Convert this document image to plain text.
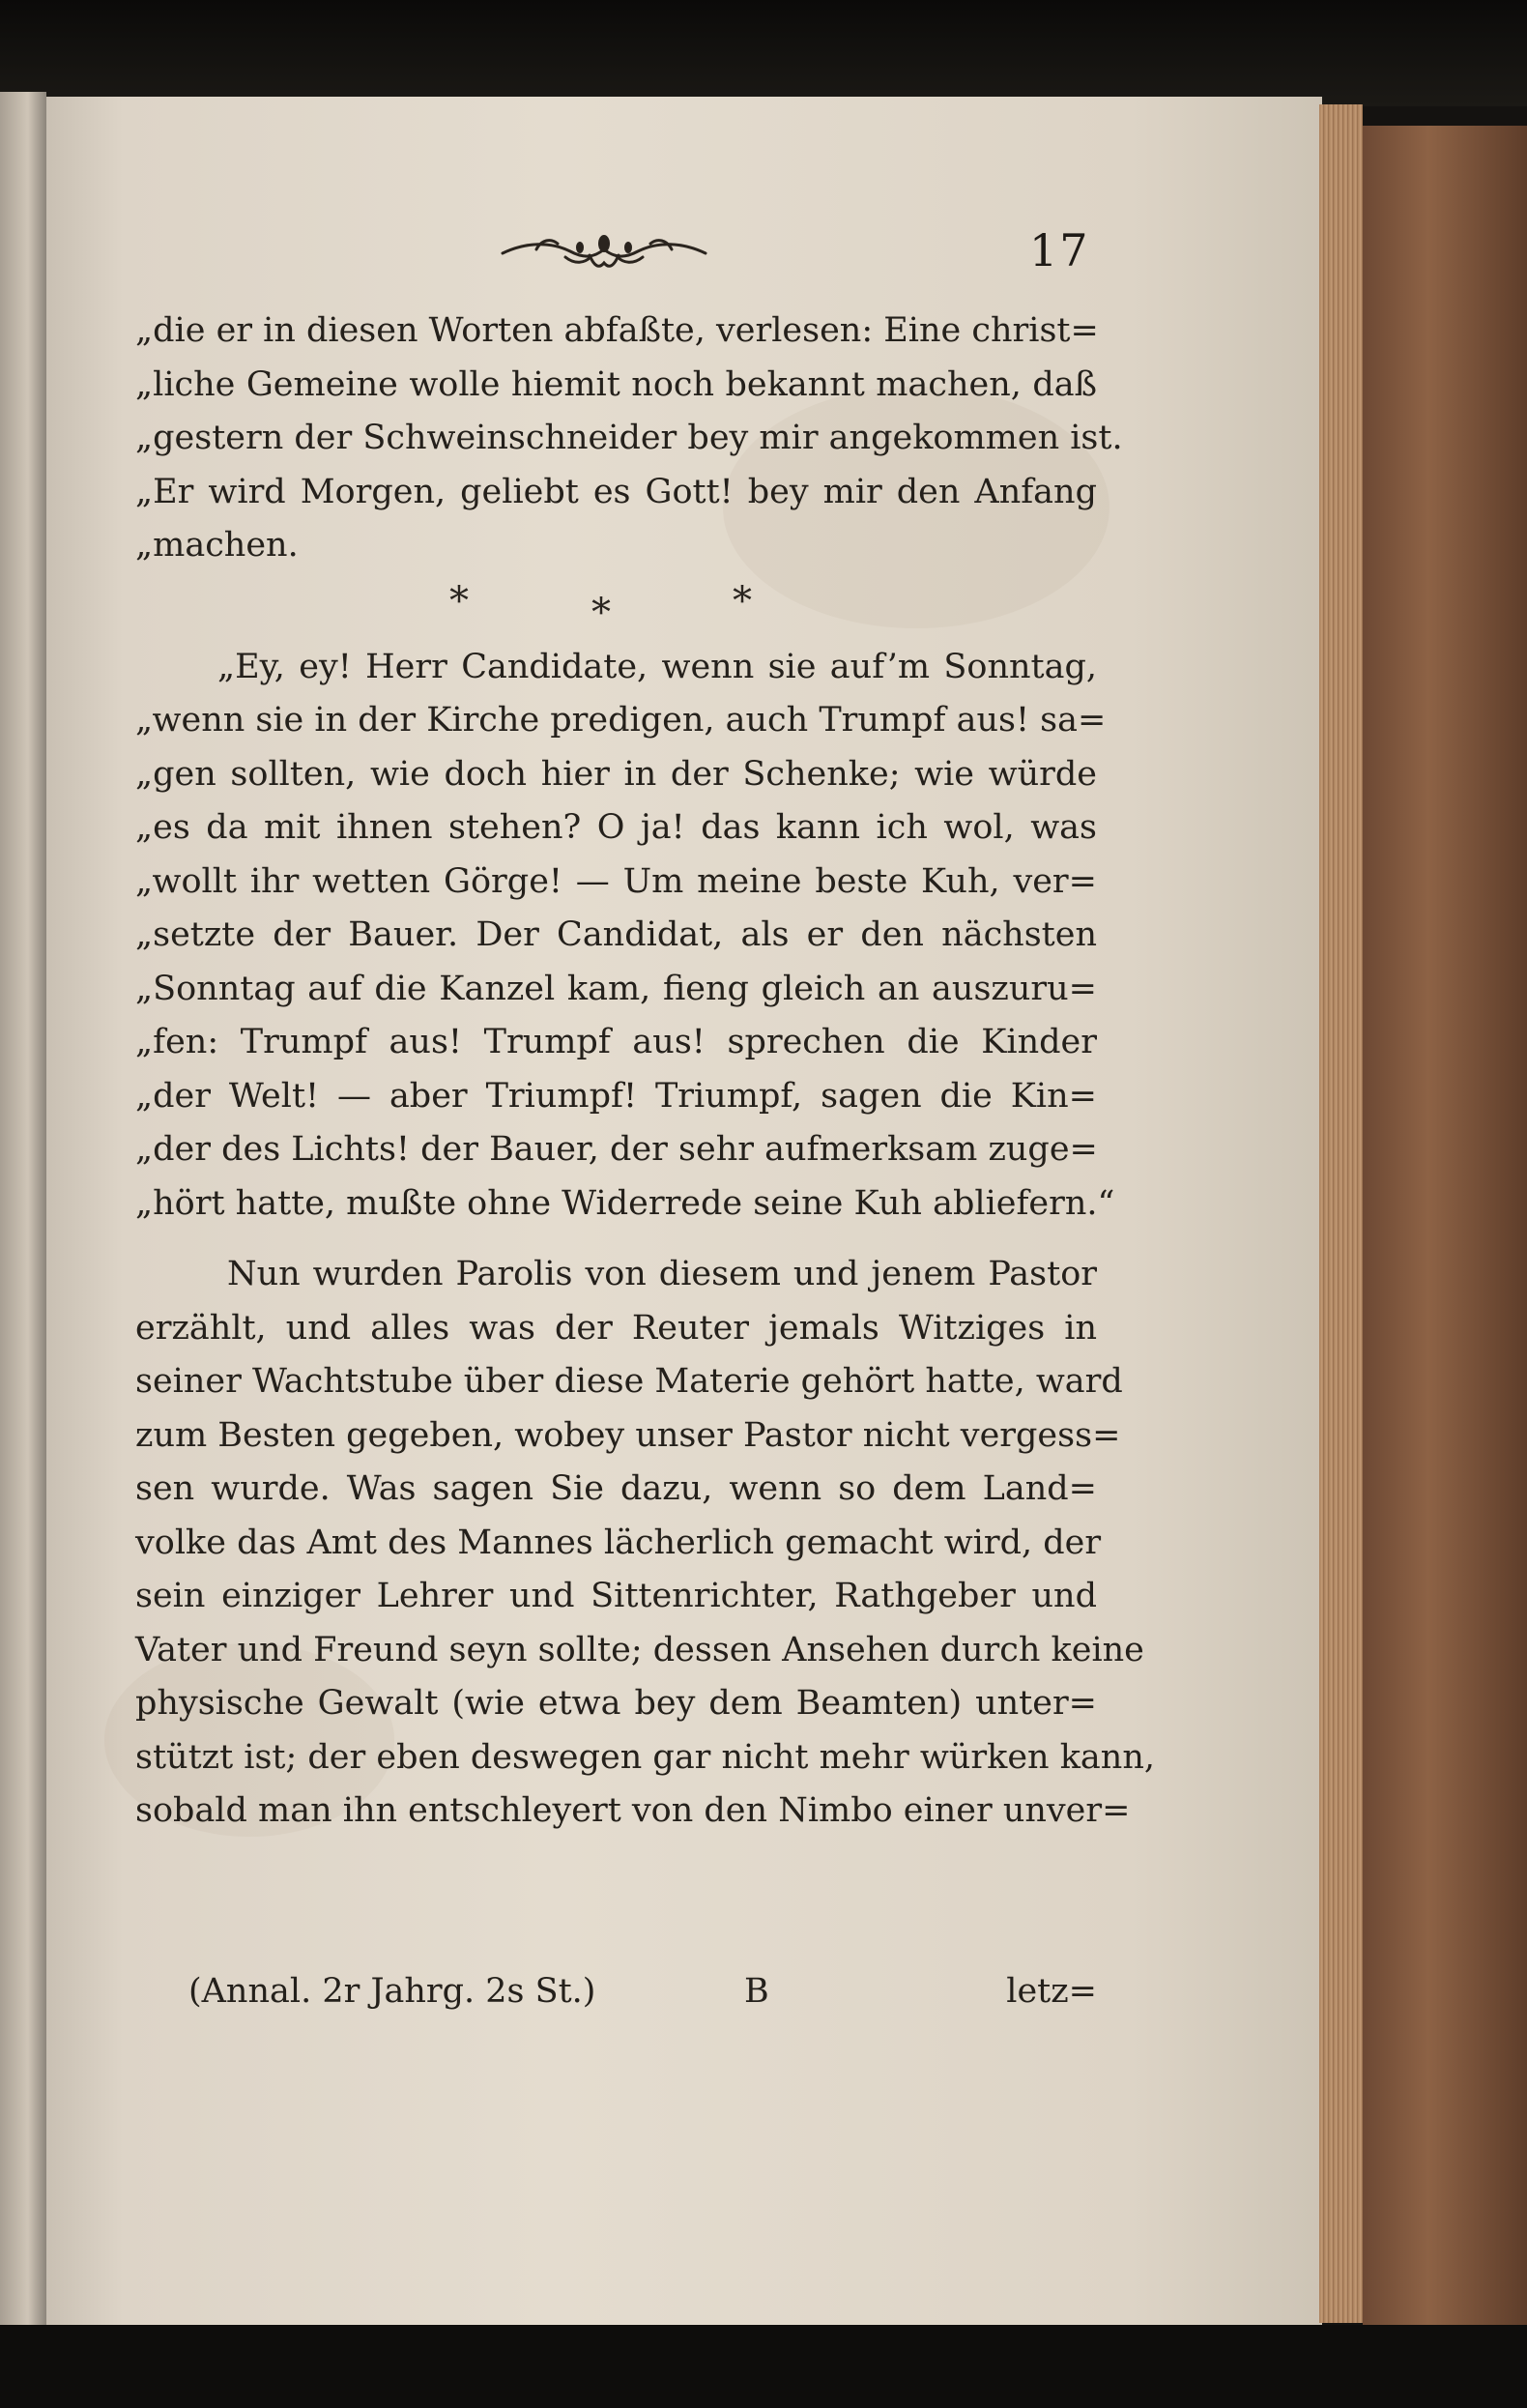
17
„die er in diesen Worten abfaßte, verlesen: Eine christ=
„liche Gemeine wolle hiemit noch bekannt machen, daß
„gestern der Schweinschneider bey mir angekommen ist.
„Er wird Morgen, geliebt es Gott! bey mir den Anfang
„machen.
*	*	*
„Ey, ey! Herr Candidate, wenn sie auf’m Sonntag,
„wenn sie in der Kirche predigen, auch Trumpf aus! sa=
„gen sollten, wie doch hier in der Schenke; wie würde
„es da mit ihnen stehen? O ja! das kann ich wol, was
„wollt ihr wetten Görge! — Um meine beste Kuh, ver=
„setzte der Bauer. Der Candidat, als er den nächsten
„Sonntag auf die Kanzel kam, fieng gleich an auszuru=
„fen: Trumpf aus! Trumpf aus! sprechen die Kinder
„der Welt! — aber Triumpf! Triumpf, sagen die Kin=
„der des Lichts! der Bauer, der sehr aufmerksam zuge=
„hört hatte, mußte ohne Widerrede seine Kuh abliefern.“
Nun wurden Parolis von diesem und jenem Pastor
erzählt, und alles was der Reuter jemals Witziges in
seiner Wachtstube über diese Materie gehört hatte, ward
zum Besten gegeben, wobey unser Pastor nicht vergess=
sen wurde. Was sagen Sie dazu, wenn so dem Land=
volke das Amt des Mannes lächerlich gemacht wird, der
sein einziger Lehrer und Sittenrichter, Rathgeber und
Vater und Freund seyn sollte; dessen Ansehen durch keine
physische Gewalt (wie etwa bey dem Beamten) unter=
stützt ist; der eben deswegen gar nicht mehr würken kann,
sobald man ihn entschleyert von den Nimbo einer unver=
(Annal. 2r Jahrg. 2s St.)	B	letz=
